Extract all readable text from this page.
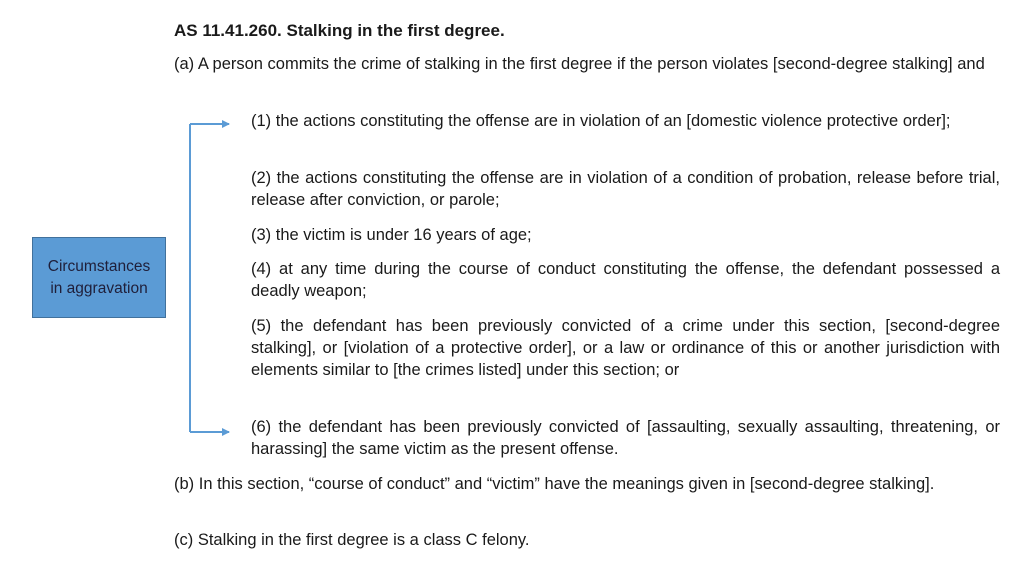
AS 11.41.260. Stalking in the first degree.

(a) A person commits the crime of stalking in the first degree if the person violates [second-degree stalking] and

(1) the actions constituting the offense are in violation of an [domestic violence protective order];

(2) the actions constituting the offense are in violation of a condition of probation, release before trial, release after conviction, or parole;

(3) the victim is under 16 years of age;

(4) at any time during the course of conduct constituting the offense, the defendant possessed a deadly weapon;

(5) the defendant has been previously convicted of a crime under this section, [second-degree stalking], or [violation of a protective order], or a law or ordinance of this or another jurisdiction with elements similar to [the crimes listed] under this section; or

(6) the defendant has been previously convicted of [assaulting, sexually assaulting, threatening, or harassing] the same victim as the present offense.

(b) In this section, “course of conduct” and “victim” have the meanings given in [second-degree stalking].

(c) Stalking in the first degree is a class C felony.

Circumstances
in aggravation
